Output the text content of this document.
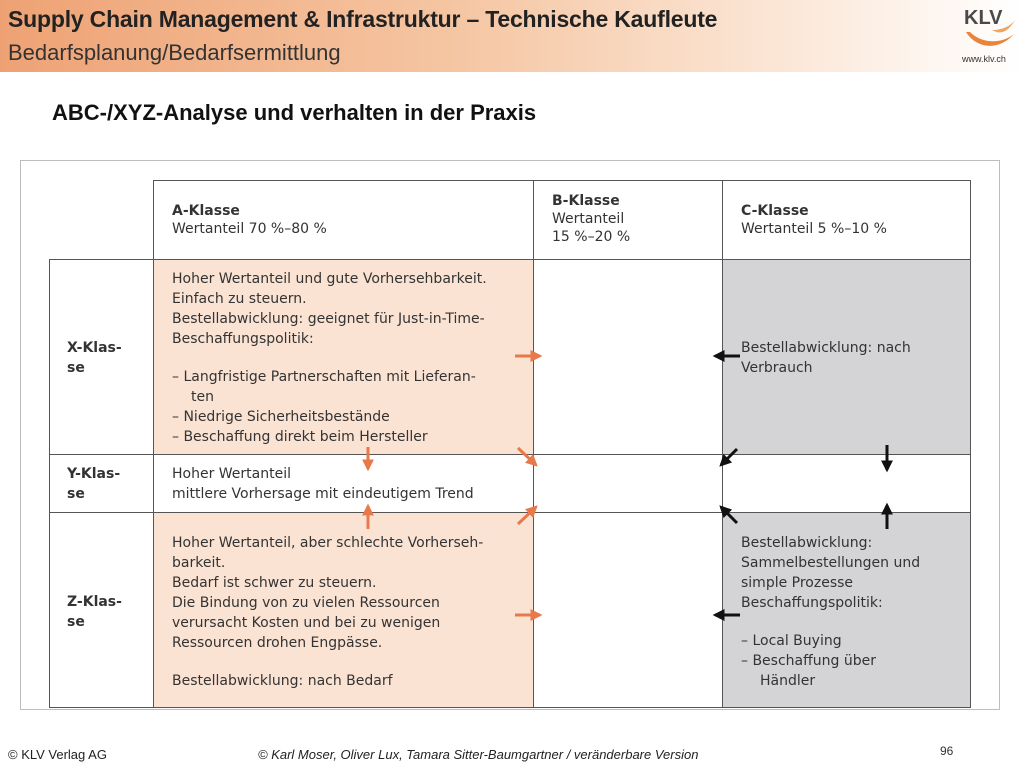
Supply Chain Management & Infrastruktur – Technische Kaufleute
Bedarfsplanung/Bedarfsermittlung
KLV
www.klv.ch
ABC-/XYZ-Analyse und verhalten in der Praxis
A-Klasse
Wertanteil 70 %–80 %
B-Klasse
Wertanteil
15 %–20 %
C-Klasse
Wertanteil 5 %–10 %
X-Klas-
se
Y-Klas-
se
Z-Klas-
se
Hoher Wertanteil und gute Vorhersehbarkeit.
Einfach zu steuern.
Bestellabwicklung: geeignet für Just-in-Time-
Beschaffungspolitik:
– Langfristige Partnerschaften mit Lieferan-
ten
– Niedrige Sicherheitsbestände
– Beschaffung direkt beim Hersteller
Bestellabwicklung: nach
Verbrauch
Hoher Wertanteil
mittlere Vorhersage mit eindeutigem Trend
Hoher Wertanteil, aber schlechte Vorherseh-
barkeit.
Bedarf ist schwer zu steuern.
Die Bindung von zu vielen Ressourcen
verursacht Kosten und bei zu wenigen
Ressourcen drohen Engpässe.
Bestellabwicklung: nach Bedarf
Bestellabwicklung:
Sammelbestellungen und
simple Prozesse
Beschaffungspolitik:
– Local Buying
– Beschaffung über
Händler
© KLV Verlag AG	© Karl Moser, Oliver Lux, Tamara Sitter-Baumgartner / veränderbare Version	96
